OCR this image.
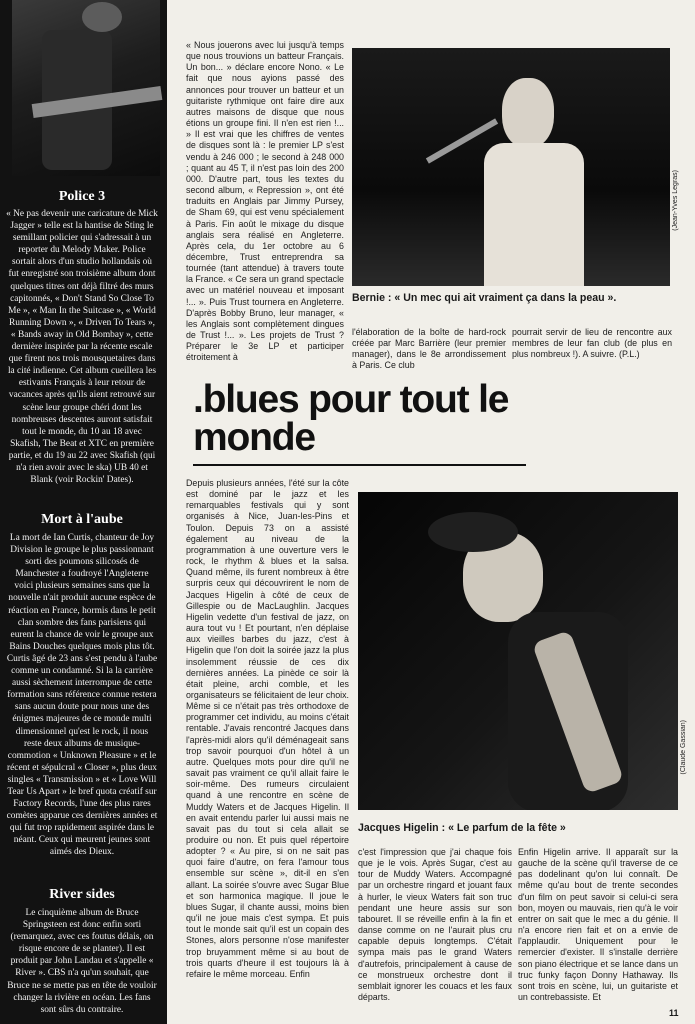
Police 3

« Ne pas devenir une caricature de Mick Jagger » telle est la hantise de Sting le semillant policier qui s'adressait à un reporter du Melody Maker. Police sortait alors d'un studio hollandais où fut enregistré son troisième album dont quelques titres ont déjà filtré des murs capitonnés, « Don't Stand So Close To Me », « Man In the Suitcase », « World Running Down », « Driven To Tears », « Bands away in Old Bombay », cette dernière inspirée par la récente escale que firent nos trois mousquetaires dans la cité indienne. Cet album cueillera les estivants Français à leur retour de vacances après qu'ils aient retrouvé sur scène leur groupe chéri dont les nombreuses descentes auront satisfait tout le monde, du 10 au 18 avec Skafish, The Beat et XTC en première partie, et du 19 au 22 avec Skafish (qui n'a rien avoir avec le ska) UB 40 et Blank (voir Rockin' Dates).

Mort à l'aube

La mort de Ian Curtis, chanteur de Joy Division le groupe le plus passionnant sorti des poumons silicosés de Manchester a foudroyé l'Angleterre voici plusieurs semaines sans que la nouvelle n'ait produit aucune espèce de réaction en France, hormis dans le petit clan sombre des fans parisiens qui eurent la chance de voir le groupe aux Bains Douches quelques mois plus tôt. Curtis âgé de 23 ans s'est pendu à l'aube comme un condamné. Si la la carrière aussi sèchement interrompue de cette formation sans référence connue restera sans aucun doute pour nous une des énigmes majeures de ce monde multi dimensionnel qu'est le rock, il nous reste deux albums de musique-commotion « Unknown Pleasure » et le récent et sépulcral « Closer », plus deux singles « Transmission » et « Love Will Tear Us Apart » le bref quota créatif sur Factory Records, l'une des plus rares comètes apparue ces dernières années et qui fut trop rapidement aspirée dans le néant. Ceux qui meurent jeunes sont aimés des Dieux.

River sides

Le cinquième album de Bruce Springsteen est donc enfin sorti (remarquez, avec ces foutus délais, on risque encore de se planter). Il est produit par John Landau et s'appelle « River ». CBS n'a qu'un souhait, que Bruce ne se mette pas en tête de vouloir changer la rivière en océan. Les fans sont sûrs du contraire.

« Nous jouerons avec lui jusqu'à temps que nous trouvions un batteur Français. Un bon... » déclare encore Nono. « Le fait que nous ayions passé des annonces pour trouver un batteur et un guitariste rythmique ont faire dire aux autres maisons de disque que nous étions un groupe fini. Il n'en est rien !... » Il est vrai que les chiffres de ventes de disques sont là : le premier LP s'est vendu à 246 000 ; le second à 248 000 ; quant au 45 T, il n'est pas loin des 200 000. D'autre part, tous les textes du second album, « Repression », ont été traduits en Anglais par Jimmy Pursey, de Sham 69, qui est venu spécialement à Paris. Fin août le mixage du disque anglais sera réalisé en Angleterre. Après cela, du 1er octobre au 6 décembre, Trust entreprendra sa tournée (tant attendue) à travers toute la France. « Ce sera un grand spectacle avec un matériel nouveau et imposant !... ». Puis Trust tournera en Angleterre. D'après Bobby Bruno, leur manager, « les Anglais sont complètement dingues de Trust !... ». Les projets de Trust ? Préparer le 3e LP et participer étroitement à

(Jean-Yves Legras)
Bernie : « Un mec qui ait vraiment ça dans la peau ».

l'élaboration de la boîte de hard-rock créée par Marc Barrière (leur premier manager), dans le 8e arrondissement à Paris. Ce club

pourrait servir de lieu de rencontre aux membres de leur fan club (de plus en plus nombreux !). A suivre. (P.L.)

.blues pour tout le monde

Depuis plusieurs années, l'été sur la côte est dominé par le jazz et les remarquables festivals qui y sont organisés à Nice, Juan-les-Pins et Toulon. Depuis 73 on a assisté également au niveau de la programmation à une ouverture vers le rock, le rhythm & blues et la salsa. Quand même, ils furent nombreux à être surpris ceux qui découvrirent le nom de Jacques Higelin à côté de ceux de Gillespie ou de MacLaughlin. Jacques Higelin vedette d'un festival de jazz, on aura tout vu ! Et pourtant, n'en déplaise aux vieilles barbes du jazz, c'est à Higelin que l'on doit la soirée jazz la plus insolemment réussie de ces dix dernières années. La pinède ce soir là était pleine, archi comble, et les organisateurs se félicitaient de leur choix. Même si ce n'était pas très orthodoxe de programmer cet individu, au moins c'était rentable. J'avais rencontré Jacques dans l'après-midi alors qu'il déménageait sans trop savoir pourquoi d'un hôtel à un autre. Quelques mots pour dire qu'il ne savait pas vraiment ce qu'il allait faire le soir-même. Des rumeurs circulaient quand à une rencontre en scène de Muddy Waters et de Jacques Higelin. Il en avait entendu parler lui aussi mais ne savait pas du tout si cela allait se produire ou non. Et puis quel répertoire adopter ? « Au pire, si on ne sait pas quoi faire d'autre, on fera l'amour tous ensemble sur scène », dit-il en s'en allant. La soirée s'ouvre avec Sugar Blue et son harmonica magique. Il joue le blues Sugar, il chante aussi, moins bien qu'il ne joue mais c'est sympa. Et puis tout le monde sait qu'il est un copain des Stones, alors personne n'ose manifester trop bruyamment même si au bout de trois quarts d'heure il est toujours là à refaire le même morceau. Enfin

(Claude Gassian)
Jacques Higelin : « Le parfum de la fête »

c'est l'impression que j'ai chaque fois que je le vois. Après Sugar, c'est au tour de Muddy Waters. Accompagné par un orchestre ringard et jouant faux à hurler, le vieux Waters fait son truc pendant une heure assis sur son tabouret. Il se réveille enfin à la fin et danse comme on ne l'aurait plus cru capable depuis longtemps. C'était sympa mais pas le grand Waters d'autrefois, principalement à cause de ce monstrueux orchestre dont il semblait ignorer les couacs et les faux départs.

Enfin Higelin arrive. Il apparaît sur la gauche de la scène qu'il traverse de ce pas dodelinant qu'on lui connaît. De même qu'au bout de trente secondes d'un film on peut savoir si celui-ci sera bon, moyen ou mauvais, rien qu'à le voir entrer on sait que le mec a du génie. Il n'a encore rien fait et on a envie de l'applaudir. Uniquement pour le remercier d'exister. Il s'installe derrière son piano électrique et se lance dans un truc funky façon Donny Hathaway. Ils sont trois en scène, lui, un guitariste et un contrebassiste. Et

11
